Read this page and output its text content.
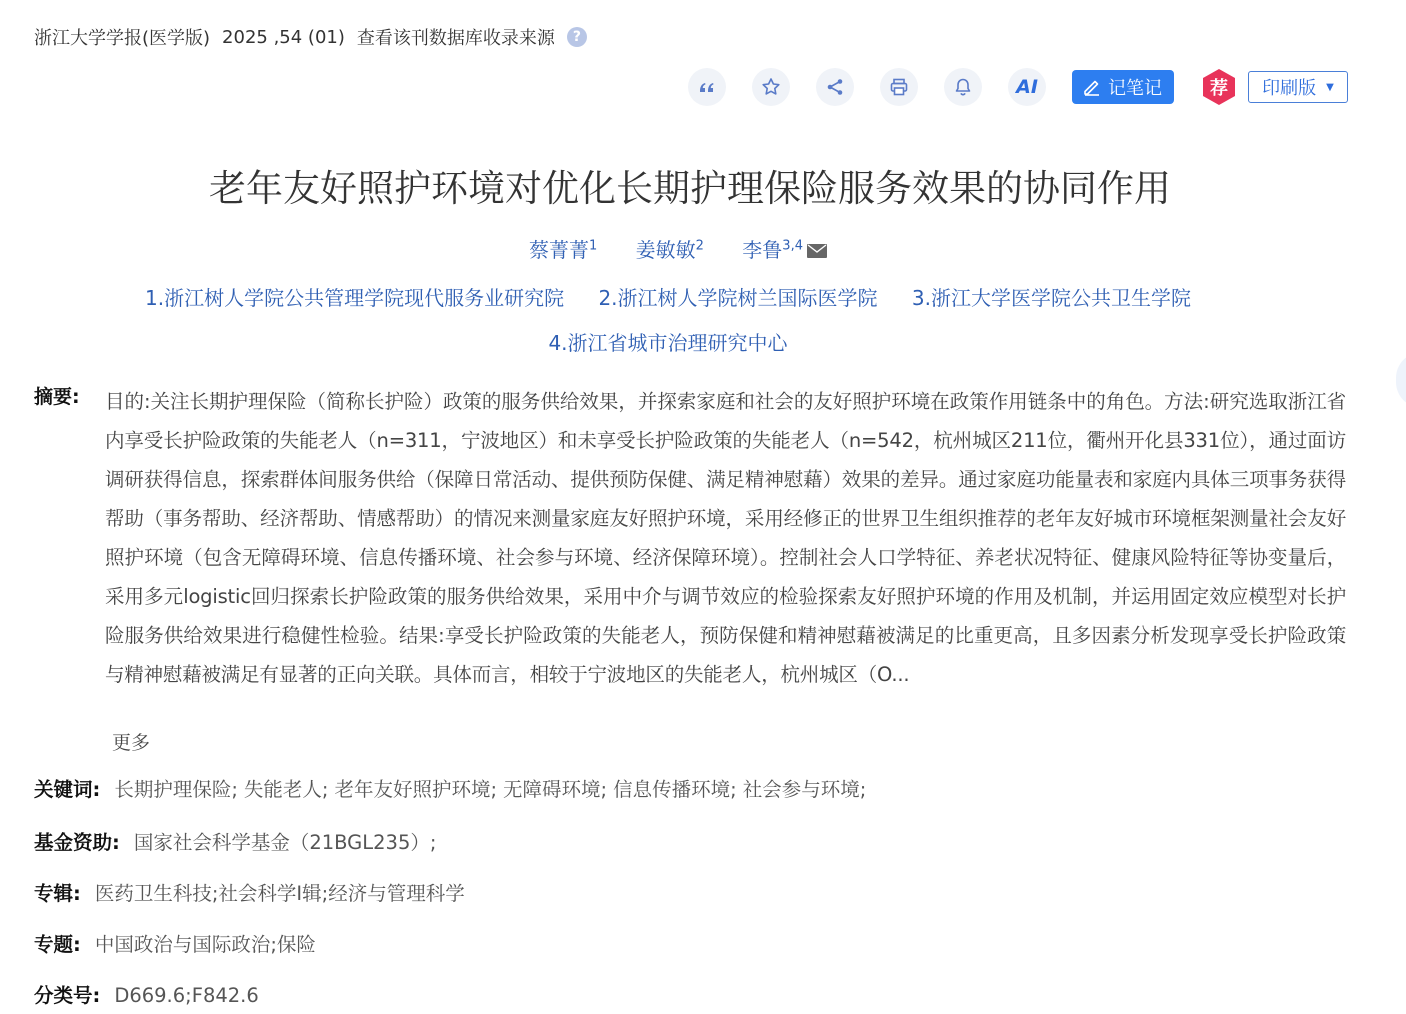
浙江大学学报(医学版) 2025 ,54 (01) 查看该刊数据库收录来源	?
AI	记笔记	荐	印刷版 ▼
老年友好照护环境对优化长期护理保险服务效果的协同作用
蔡菁菁$^1$ 姜敏敏$^2$ 李鲁$^{3,4}$
1.浙江树人学院公共管理学院现代服务业研究院 2.浙江树人学院树兰国际医学院 3.浙江大学医学院公共卫生学院
4.浙江省城市治理研究中心
摘要: 目的:关注长期护理保险（简称长护险）政策的服务供给效果，并探索家庭和社会的友好照护环境在政策作用链条中的角色。方法:研究选取浙江省内享受长护险政策的失能老人（n=311，宁波地区）和未享受长护险政策的失能老人（n=542，杭州城区211位，衢州开化县331位），通过面访调研获得信息，探索群体间服务供给（保障日常活动、提供预防保健、满足精神慰藉）效果的差异。通过家庭功能量表和家庭内具体三项事务获得帮助（事务帮助、经济帮助、情感帮助）的情况来测量家庭友好照护环境，采用经修正的世界卫生组织推荐的老年友好城市环境框架测量社会友好照护环境（包含无障碍环境、信息传播环境、社会参与环境、经济保障环境）。控制社会人口学特征、养老状况特征、健康风险特征等协变量后，采用多元logistic回归探索长护险政策的服务供给效果，采用中介与调节效应的检验探索友好照护环境的作用及机制，并运用固定效应模型对长护险服务供给效果进行稳健性检验。结果:享受长护险政策的失能老人，预防保健和精神慰藉被满足的比重更高，且多因素分析发现享受长护险政策与精神慰藉被满足有显著的正向关联。具体而言，相较于宁波地区的失能老人，杭州城区（O...
更多
关键词: 长期护理保险; 失能老人; 老年友好照护环境; 无障碍环境; 信息传播环境; 社会参与环境;
基金资助: 国家社会科学基金（21BGL235）;
专辑: 医药卫生科技;社会科学Ⅰ辑;经济与管理科学
专题: 中国政治与国际政治;保险
分类号: D669.6;F842.6
